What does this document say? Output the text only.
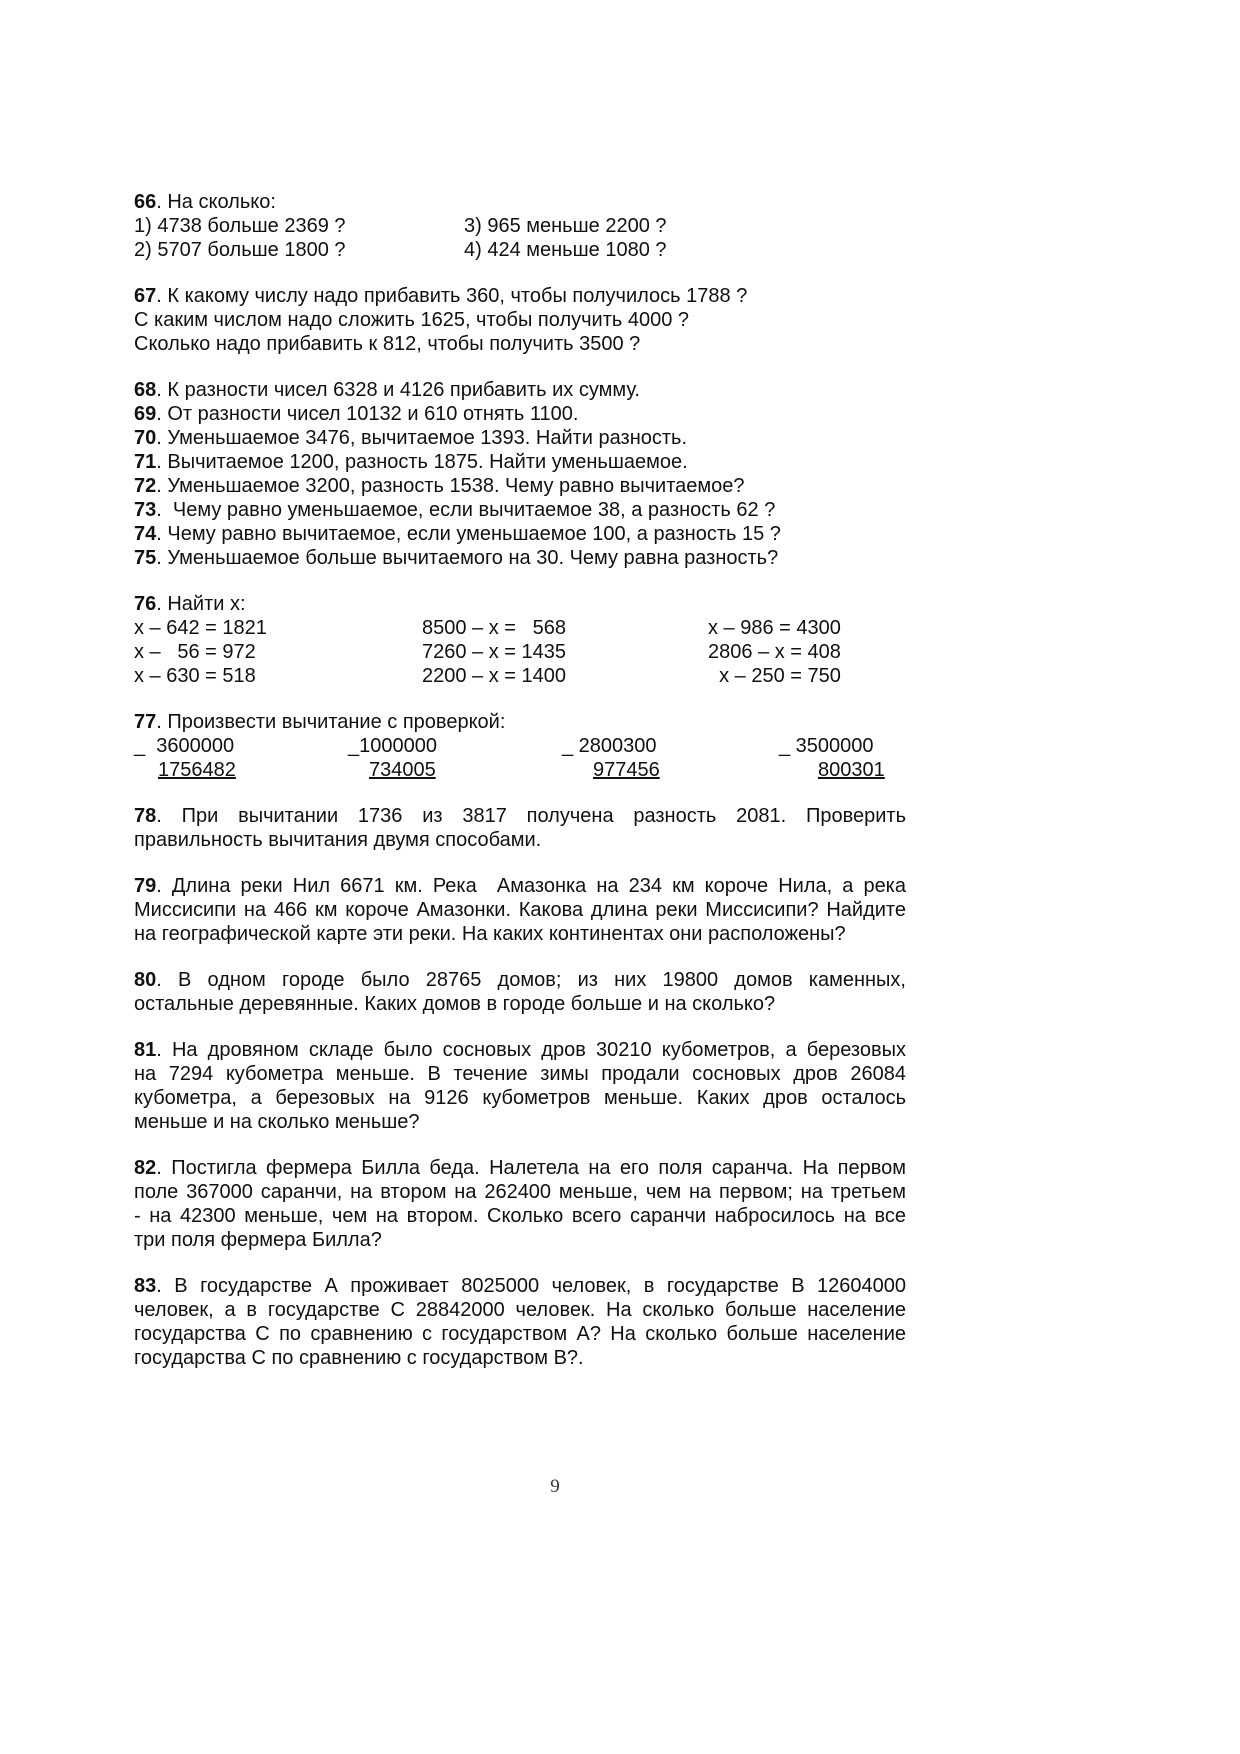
66. На сколько:
1) 4738 больше 2369 ?	3) 965 меньше 2200 ?
2) 5707 больше 1800 ?	4) 424 меньше 1080 ?
67. К какому числу надо прибавить 360, чтобы получилось 1788 ?
С каким числом надо сложить 1625, чтобы получить 4000 ?
Сколько надо прибавить к 812, чтобы получить 3500 ?
68. К разности чисел 6328 и 4126 прибавить их сумму.
69. От разности чисел 10132 и 610 отнять 1100.
70. Уменьшаемое 3476, вычитаемое 1393. Найти разность.
71. Вычитаемое 1200, разность 1875. Найти уменьшаемое.
72. Уменьшаемое 3200, разность 1538. Чему равно вычитаемое?
73.  Чему равно уменьшаемое, если вычитаемое 38, а разность 62 ?
74. Чему равно вычитаемое, если уменьшаемое 100, а разность 15 ?
75. Уменьшаемое больше вычитаемого на 30. Чему равна разность?
76. Найти х:
х – 642 = 1821	8500 – х =   568	х – 986 = 4300
х –   56 = 972	7260 – х = 1435	2806 – х = 408
х – 630 = 518	2200 – х = 1400	х – 250 = 750
77. Произвести вычитание с проверкой:
_  3600000	_1000000	_ 2800300	_ 3500000
1756482	734005	977456	800301
78. При вычитании 1736 из 3817 получена разность 2081. Проверить
правильность вычитания двумя способами.
79. Длина реки Нил 6671 км. Река  Амазонка на 234 км короче Нила, а река
Миссисипи на 466 км короче Амазонки. Какова длина реки Миссисипи? Найдите
на географической карте эти реки. На каких континентах они расположены?
80. В одном городе было 28765 домов; из них 19800 домов каменных,
остальные деревянные. Каких домов в городе больше и на сколько?
81. На дровяном складе было сосновых дров 30210 кубометров, а березовых
на 7294 кубометра меньше. В течение зимы продали сосновых дров 26084
кубометра, а березовых на 9126 кубометров меньше. Каких дров осталось
меньше и на сколько меньше?
82. Постигла фермера Билла беда. Налетела на его поля саранча. На первом
поле 367000 саранчи, на втором на 262400 меньше, чем на первом; на третьем
- на 42300 меньше, чем на втором. Сколько всего саранчи набросилось на все
три поля фермера Билла?
83. В государстве А проживает 8025000 человек, в государстве В 12604000
человек, а в государстве С 28842000 человек. На сколько больше население
государства С по сравнению с государством А? На сколько больше население
государства С по сравнению с государством В?.
9
